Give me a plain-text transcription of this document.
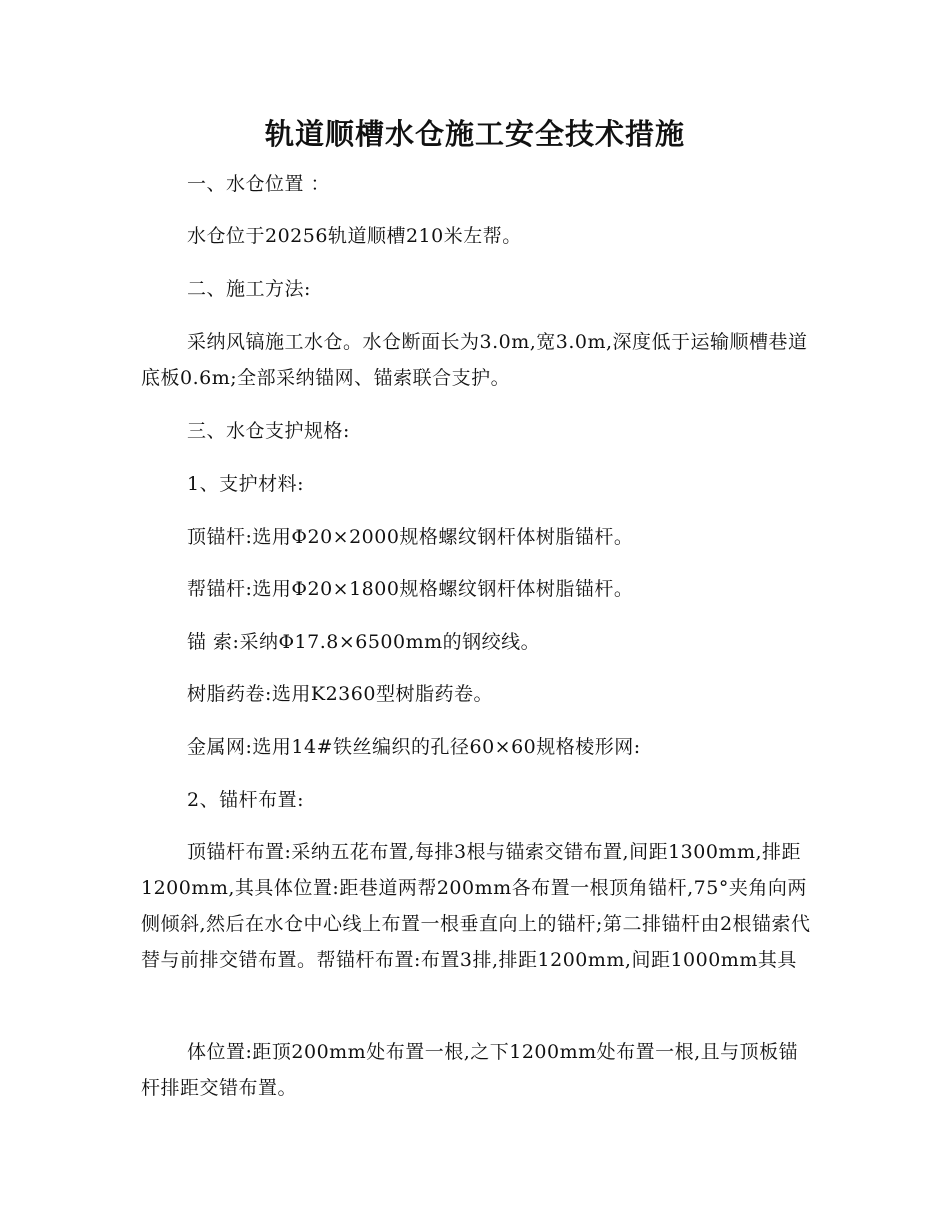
轨道顺槽水仓施工安全技术措施

一、水仓位置 ：

水仓位于20256轨道顺槽210米左帮。

二、施工方法:

采纳风镐施工水仓。水仓断面长为3.0m,宽3.0m,深度低于运输顺槽巷道底板0.6m;全部采纳锚网、锚索联合支护。

三、水仓支护规格:

1、支护材料:

顶锚杆:选用Φ20×2000规格螺纹钢杆体树脂锚杆。

帮锚杆:选用Φ20×1800规格螺纹钢杆体树脂锚杆。

锚 索:采纳Φ17.8×6500mm的钢绞线。

树脂药卷:选用K2360型树脂药卷。

金属网:选用14#铁丝编织的孔径60×60规格棱形网:

2、锚杆布置:

顶锚杆布置:采纳五花布置,每排3根与锚索交错布置,间距1300mm,排距1200mm,其具体位置:距巷道两帮200mm各布置一根顶角锚杆,75°夹角向两侧倾斜,然后在水仓中心线上布置一根垂直向上的锚杆;第二排锚杆由2根锚索代替与前排交错布置。帮锚杆布置:布置3排,排距1200mm,间距1000mm其具

体位置:距顶200mm处布置一根,之下1200mm处布置一根,且与顶板锚杆排距交错布置。
